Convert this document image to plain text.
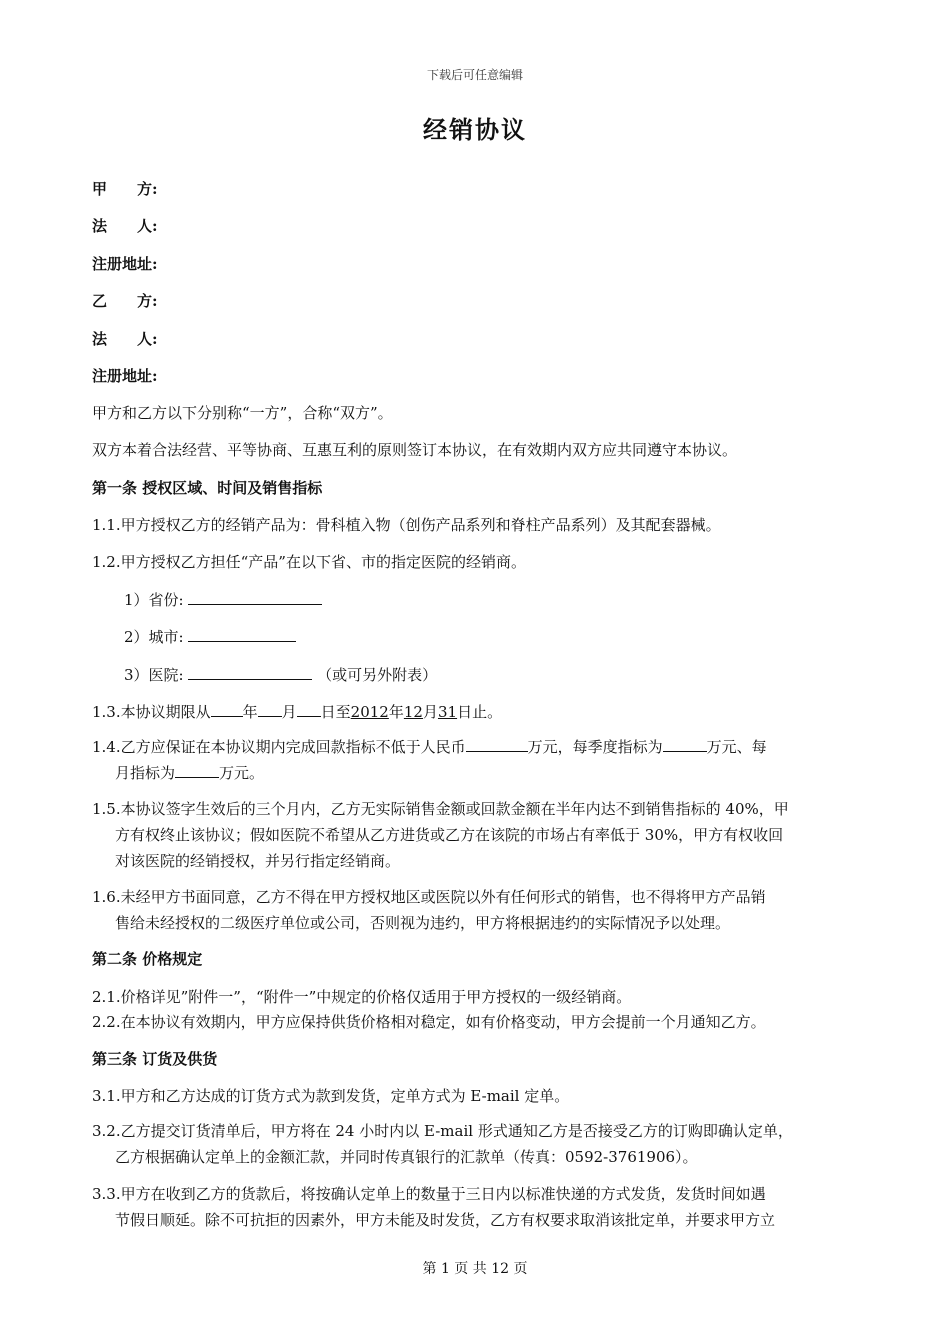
下载后可任意编辑
经销协议
甲　　方:
法　　人:
注册地址:
乙　　方:
法　　人:
注册地址:
甲方和乙方以下分别称“一方”，合称“双方”。
双方本着合法经营、平等协商、互惠互利的原则签订本协议，在有效期内双方应共同遵守本协议。
第一条 授权区域、时间及销售指标
1.1.甲方授权乙方的经销产品为：骨科植入物（创伤产品系列和脊柱产品系列）及其配套器械。
1.2.甲方授权乙方担任“产品”在以下省、市的指定医院的经销商。
1）省份:
2）城市:
3）医院:	（或可另外附表）
1.3.本协议期限从 年 月 日至2012年12月31日止。
1.4.乙方应保证在本协议期内完成回款指标不低于人民币	万元，每季度指标为	万元、每
月指标为	万元。
1.5.本协议签字生效后的三个月内，乙方无实际销售金额或回款金额在半年内达不到销售指标的 40%，甲
方有权终止该协议；假如医院不希望从乙方进货或乙方在该院的市场占有率低于 30%，甲方有权收回
对该医院的经销授权，并另行指定经销商。
1.6.未经甲方书面同意，乙方不得在甲方授权地区或医院以外有任何形式的销售，也不得将甲方产品销
售给未经授权的二级医疗单位或公司，否则视为违约，甲方将根据违约的实际情况予以处理。
第二条 价格规定
2.1.价格详见”附件一”，“附件一”中规定的价格仅适用于甲方授权的一级经销商。
2.2.在本协议有效期内，甲方应保持供货价格相对稳定，如有价格变动，甲方会提前一个月通知乙方。
第三条 订货及供货
3.1.甲方和乙方达成的订货方式为款到发货，定单方式为 E-mail 定单。
3.2.乙方提交订货清单后，甲方将在 24 小时内以 E-mail 形式通知乙方是否接受乙方的订购即确认定单，
乙方根据确认定单上的金额汇款，并同时传真银行的汇款单（传真：0592-3761906）。
3.3.甲方在收到乙方的货款后，将按确认定单上的数量于三日内以标准快递的方式发货，发货时间如遇
节假日顺延。除不可抗拒的因素外，甲方未能及时发货，乙方有权要求取消该批定单，并要求甲方立
第 1 页 共 12 页
